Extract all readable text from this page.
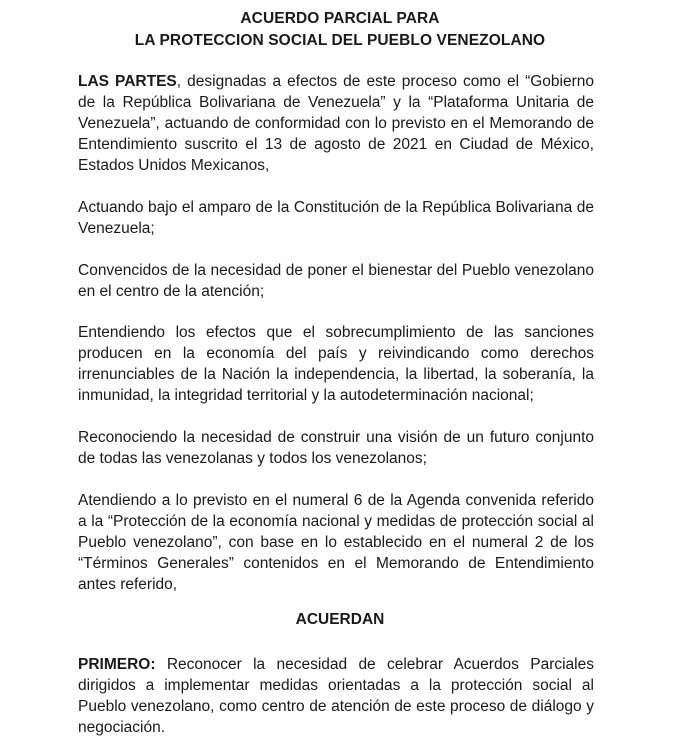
ACUERDO PARCIAL PARA
LA PROTECCION SOCIAL DEL PUEBLO VENEZOLANO
LAS PARTES, designadas a efectos de este proceso como el “Gobierno de la República Bolivariana de Venezuela” y la “Plataforma Unitaria de Venezuela”, actuando de conformidad con lo previsto en el Memorando de Entendimiento suscrito el 13 de agosto de 2021 en Ciudad de México, Estados Unidos Mexicanos,
Actuando bajo el amparo de la Constitución de la República Bolivariana de Venezuela;
Convencidos de la necesidad de poner el bienestar del Pueblo venezolano en el centro de la atención;
Entendiendo los efectos que el sobrecumplimiento de las sanciones producen en la economía del país y reivindicando como derechos irrenunciables de la Nación la independencia, la libertad, la soberanía, la inmunidad, la integridad territorial y la autodeterminación nacional;
Reconociendo la necesidad de construir una visión de un futuro conjunto de todas las venezolanas y todos los venezolanos;
Atendiendo a lo previsto en el numeral 6 de la Agenda convenida referido a la “Protección de la economía nacional y medidas de protección social al Pueblo venezolano”, con base en lo establecido en el numeral 2 de los “Términos Generales” contenidos en el Memorando de Entendimiento antes referido,
ACUERDAN
PRIMERO: Reconocer la necesidad de celebrar Acuerdos Parciales dirigidos a implementar medidas orientadas a la protección social al Pueblo venezolano, como centro de atención de este proceso de diálogo y negociación.
